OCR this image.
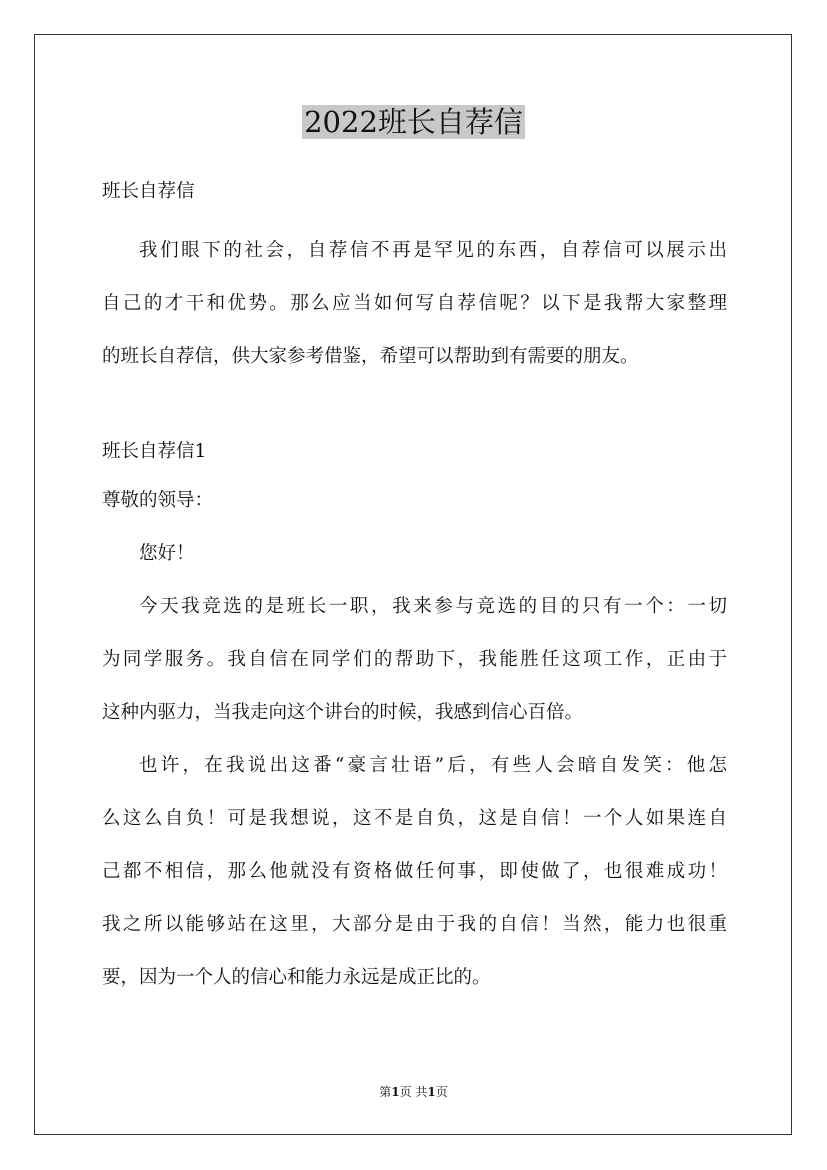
2022班长自荐信

班长自荐信

我们眼下的社会，自荐信不再是罕见的东西，自荐信可以展示出

自己的才干和优势。那么应当如何写自荐信呢？以下是我帮大家整理

的班长自荐信，供大家参考借鉴，希望可以帮助到有需要的朋友。

班长自荐信1

尊敬的领导：

您好！

今天我竞选的是班长一职，我来参与竞选的目的只有一个：一切

为同学服务。我自信在同学们的帮助下，我能胜任这项工作，正由于

这种内驱力，当我走向这个讲台的时候，我感到信心百倍。

也许，在我说出这番“豪言壮语”后，有些人会暗自发笑：他怎

么这么自负！可是我想说，这不是自负，这是自信！一个人如果连自

己都不相信，那么他就没有资格做任何事，即使做了，也很难成功！

我之所以能够站在这里，大部分是由于我的自信！当然，能力也很重

要，因为一个人的信心和能力永远是成正比的。

第1页 共1页
